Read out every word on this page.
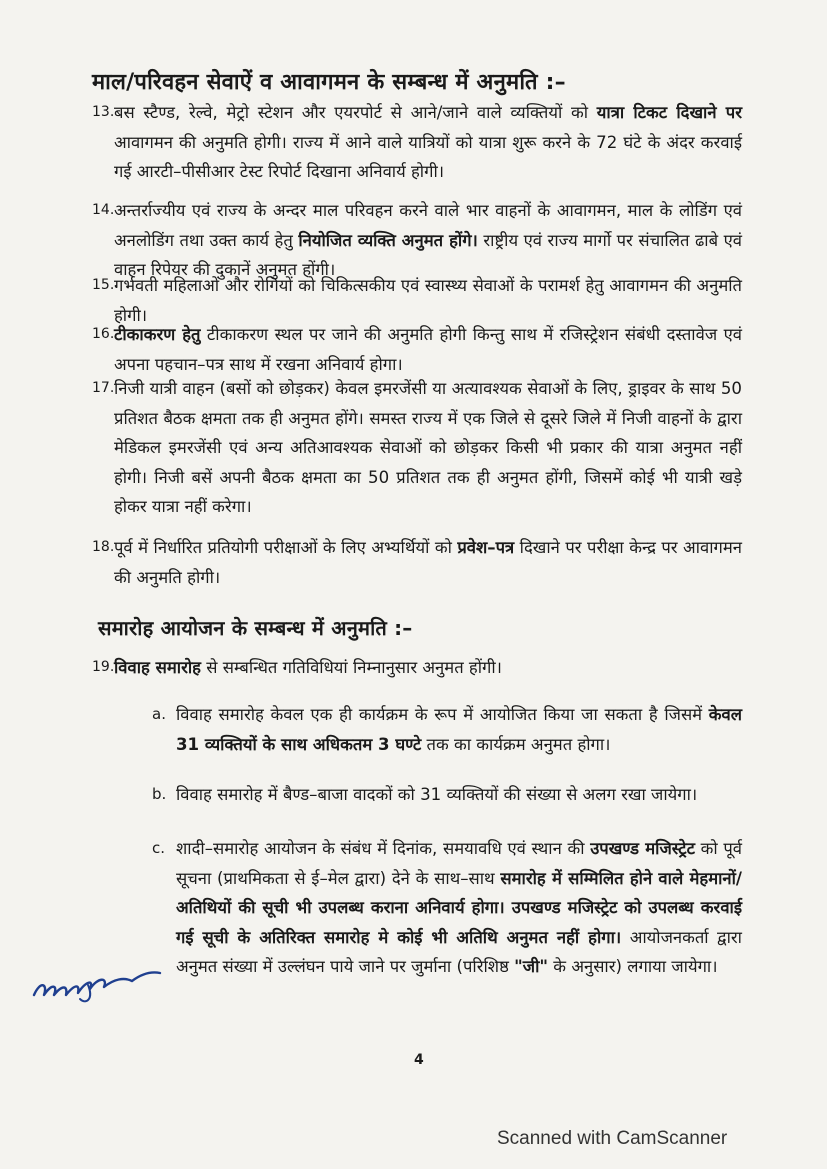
माल/परिवहन सेवाऐं व आवागमन के सम्बन्ध में अनुमति :–
13. बस स्टैण्ड, रेल्वे, मेट्रो स्टेशन और एयरपोर्ट से आने/जाने वाले व्यक्तियों को यात्रा टिकट दिखाने पर आवागमन की अनुमति होगी। राज्य में आने वाले यात्रियों को यात्रा शुरू करने के 72 घंटे के अंदर करवाई गई आरटी–पीसीआर टेस्ट रिपोर्ट दिखाना अनिवार्य होगी।
14. अन्तर्राज्यीय एवं राज्य के अन्दर माल परिवहन करने वाले भार वाहनों के आवागमन, माल के लोडिंग एवं अनलोडिंग तथा उक्त कार्य हेतु नियोजित व्यक्ति अनुमत होंगे। राष्ट्रीय एवं राज्य मार्गो पर संचालित ढाबे एवं वाहन रिपेयर की दुकानें अनुमत होंगी।
15. गर्भवती महिलाओं और रोगियों को चिकित्सकीय एवं स्वास्थ्य सेवाओं के परामर्श हेतु आवागमन की अनुमति होगी।
16. टीकाकरण हेतु टीकाकरण स्थल पर जाने की अनुमति होगी किन्तु साथ में रजिस्ट्रेशन संबंधी दस्तावेज एवं अपना पहचान–पत्र साथ में रखना अनिवार्य होगा।
17. निजी यात्री वाहन (बसों को छोड़कर) केवल इमरजेंसी या अत्यावश्यक सेवाओं के लिए, ड्राइवर के साथ 50 प्रतिशत बैठक क्षमता तक ही अनुमत होंगे। समस्त राज्य में एक जिले से दूसरे जिले में निजी वाहनों के द्वारा मेडिकल इमरजेंसी एवं अन्य अतिआवश्यक सेवाओं को छोड़कर किसी भी प्रकार की यात्रा अनुमत नहीं होगी। निजी बसें अपनी बैठक क्षमता का 50 प्रतिशत तक ही अनुमत होंगी, जिसमें कोई भी यात्री खड़े होकर यात्रा नहीं करेगा।
18. पूर्व में निर्धारित प्रतियोगी परीक्षाओं के लिए अभ्यर्थियों को प्रवेश–पत्र दिखाने पर परीक्षा केन्द्र पर आवागमन की अनुमति होगी।
समारोह आयोजन के सम्बन्ध में अनुमति :–
19. विवाह समारोह से सम्बन्धित गतिविधियां निम्नानुसार अनुमत होंगी।
a. विवाह समारोह केवल एक ही कार्यक्रम के रूप में आयोजित किया जा सकता है जिसमें केवल 31 व्यक्तियों के साथ अधिकतम 3 घण्टे तक का कार्यक्रम अनुमत होगा।
b. विवाह समारोह में बैण्ड–बाजा वादकों को 31 व्यक्तियों की संख्या से अलग रखा जायेगा।
c. शादी–समारोह आयोजन के संबंध में दिनांक, समयावधि एवं स्थान की उपखण्ड मजिस्ट्रेट को पूर्व सूचना (प्राथमिकता से ई–मेल द्वारा) देने के साथ–साथ समारोह में सम्मिलित होने वाले मेहमानों/अतिथियों की सूची भी उपलब्ध कराना अनिवार्य होगा। उपखण्ड मजिस्ट्रेट को उपलब्ध करवाई गई सूची के अतिरिक्त समारोह मे कोई भी अतिथि अनुमत नहीं होगा। आयोजनकर्ता द्वारा अनुमत संख्या में उल्लंघन पाये जाने पर जुर्माना (परिशिष्ठ "जी" के अनुसार) लगाया जायेगा।
4
Scanned with CamScanner
